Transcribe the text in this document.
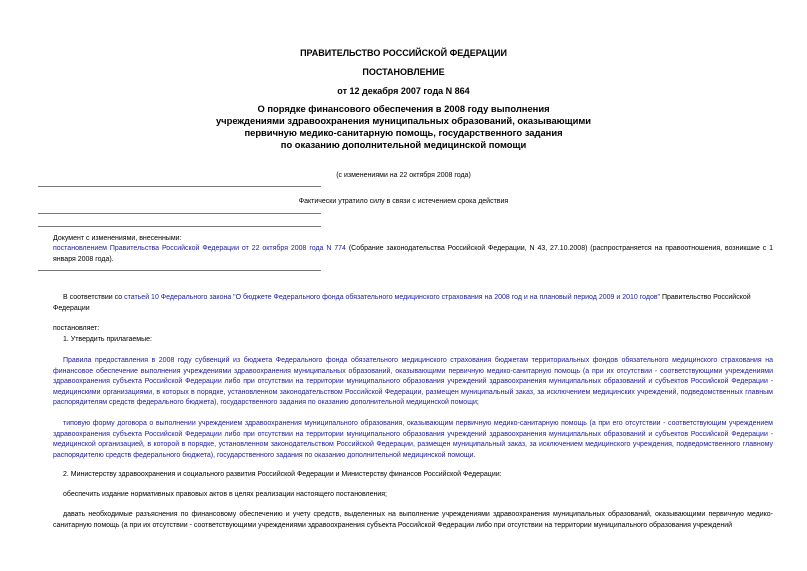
ПРАВИТЕЛЬСТВО РОССИЙСКОЙ ФЕДЕРАЦИИ
ПОСТАНОВЛЕНИЕ
от 12 декабря 2007 года N 864
О порядке финансового обеспечения в 2008 году выполнения
учреждениями здравоохранения муниципальных образований, оказывающими
первичную медико-санитарную помощь, государственного задания
по оказанию дополнительной медицинской помощи
(с изменениями на 22 октября 2008 года)
Фактически утратило силу в связи с истечением срока действия
Документ с изменениями, внесенными:
постановлением Правительства Российской Федерации от 22 октября 2008 года N 774 (Собрание законодательства Российской Федерации, N 43, 27.10.2008) (распространяется на правоотношения, возникшие с 1 января 2008 года).
В соответствии со статьей 10 Федерального закона "О бюджете Федерального фонда обязательного медицинского страхования на 2008 год и на плановый период 2009 и 2010 годов" Правительство Российской Федерации
постановляет:
1. Утвердить прилагаемые:
Правила предоставления в 2008 году субвенций из бюджета Федерального фонда обязательного медицинского страхования бюджетам территориальных фондов обязательного медицинского страхования на финансовое обеспечение выполнения учреждениями здравоохранения муниципальных образований, оказывающими первичную медико-санитарную помощь (а при их отсутствии - соответствующими учреждениями здравоохранения субъекта Российской Федерации либо при отсутствии на территории муниципального образования учреждений здравоохранения муниципальных образований и субъектов Российской Федерации - медицинскими организациями, в которых в порядке, установленном законодательством Российской Федерации, размещен муниципальный заказ, за исключением медицинских учреждений, подведомственных главным распорядителям средств федерального бюджета), государственного задания по оказанию дополнительной медицинской помощи;
типовую форму договора о выполнении учреждением здравоохранения муниципального образования, оказывающим первичную медико-санитарную помощь (а при его отсутствии - соответствующим учреждением здравоохранения субъекта Российской Федерации либо при отсутствии на территории муниципального образования учреждений здравоохранения муниципальных образований и субъектов Российской Федерации - медицинской организацией, в которой в порядке, установленном законодательством Российской Федерации, размещен муниципальный заказ, за исключением медицинского учреждения, подведомственного главному распорядителю средств федерального бюджета), государственного задания по оказанию дополнительной медицинской помощи.
2. Министерству здравоохранения и социального развития Российской Федерации и Министерству финансов Российской Федерации:
обеспечить издание нормативных правовых актов в целях реализации настоящего постановления;
давать необходимые разъяснения по финансовому обеспечению и учету средств, выделенных на выполнение учреждениями здравоохранения муниципальных образований, оказывающими первичную медико-санитарную помощь (а при их отсутствии - соответствующими учреждениями здравоохранения субъекта Российской Федерации либо при отсутствии на территории муниципального образования учреждений
